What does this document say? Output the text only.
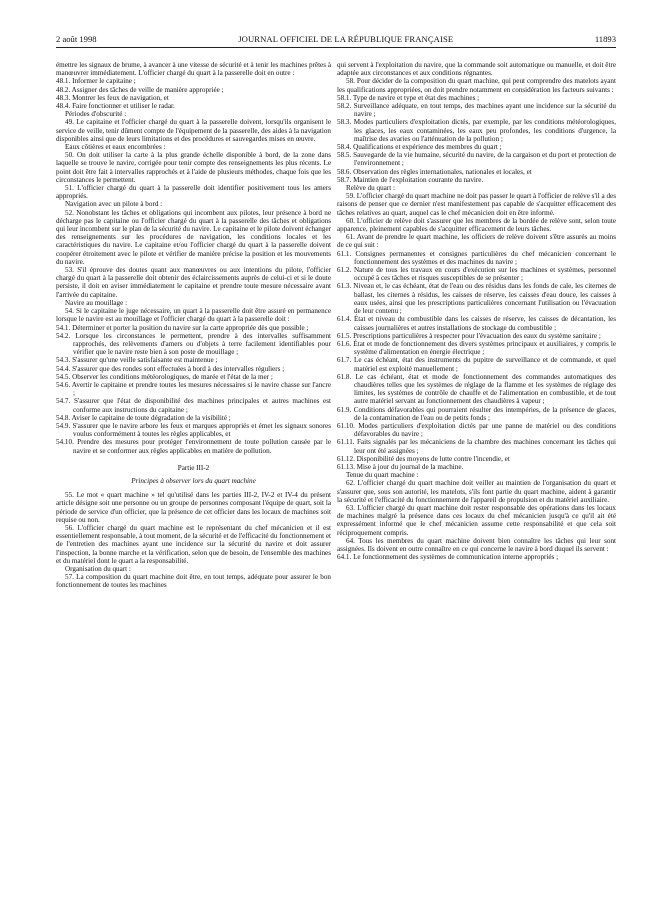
2 août 1998	JOURNAL OFFICIEL DE LA RÉPUBLIQUE FRANÇAISE	11893

émettre les signaux de brume, à avancer à une vitesse de sécurité et à tenir les machines prêtes à manœuvrer immédiatement. L'officier chargé du quart à la passerelle doit en outre :

48.1. Informer le capitaine ;

48.2. Assigner des tâches de veille de manière appropriée ;

48.3. Montrer les feux de navigation, et

48.4. Faire fonctionner et utiliser le radar.

Périodes d'obscurité :

49. Le capitaine et l'officier chargé du quart à la passerelle doivent, lorsqu'ils organisent le service de veille, tenir dûment compte de l'équipement de la passerelle, des aides à la navigation disponibles ainsi que de leurs limitations et des procédures et sauvegardes mises en œuvre.

Eaux côtières et eaux encombrées :

50. On doit utiliser la carte à la plus grande échelle disponible à bord, de la zone dans laquelle se trouve le navire, corrigée pour tenir compte des renseignements les plus récents. Le point doit être fait à intervalles rapprochés et à l'aide de plusieurs méthodes, chaque fois que les circonstances le permettent.

51. L'officier chargé du quart à la passerelle doit identifier positivement tous les amers appropriés.

Navigation avec un pilote à bord :

52. Nonobstant les tâches et obligations qui incombent aux pilotes, leur présence à bord ne décharge pas le capitaine ou l'officier chargé du quart à la passerelle des tâches et obligations qui leur incombent sur le plan de la sécurité du navire. Le capitaine et le pilote doivent échanger des renseignements sur les procédures de navigation, les conditions locales et les caractéristiques du navire. Le capitaine et/ou l'officier chargé du quart à la passerelle doivent coopérer étroitement avec le pilote et vérifier de manière précise la position et les mouvements du navire.

53. S'il éprouve des doutes quant aux manœuvres ou aux intentions du pilote, l'officier chargé du quart à la passerelle doit obtenir des éclaircissements auprès de celui-ci et si le doute persiste, il doit en aviser immédiatement le capitaine et prendre toute mesure nécessaire avant l'arrivée du capitaine.

Navire au mouillage :

54. Si le capitaine le juge nécessaire, un quart à la passerelle doit être assuré en permanence lorsque le navire est au mouillage et l'officier chargé du quart à la passerelle doit :

54.1. Déterminer et porter la position du navire sur la carte appropriée dès que possible ;

54.2. Lorsque les circonstances le permettent, prendre à des intervalles suffisamment rapprochés, des relèvements d'amers ou d'objets à terre facilement identifiables pour vérifier que le navire reste bien à son poste de mouillage ;

54.3. S'assurer qu'une veille satisfaisante est maintenue ;

54.4. S'assurer que des rondes sont effectuées à bord à des intervalles réguliers ;

54.5. Observer les conditions météorologiques, de marée et l'état de la mer ;

54.6. Avertir le capitaine et prendre toutes les mesures nécessaires si le navire chasse sur l'ancre ;

54.7. S'assurer que l'état de disponibilité des machines principales et autres machines est conforme aux instructions du capitaine ;

54.8. Aviser le capitaine de toute dégradation de la visibilité ;

54.9. S'assurer que le navire arbore les feux et marques appropriés et émet les signaux sonores voulus conformément à toutes les règles applicables, et

54.10. Prendre des mesures pour protéger l'environnement de toute pollution causée par le navire et se conformer aux règles applicables en matière de pollution.

Partie III-2

Principes à observer lors du quart machine

55. Le mot « quart machine » tel qu'utilisé dans les parties III-2, IV-2 et IV-4 du présent article désigne soit une personne ou un groupe de personnes composant l'équipe de quart, soit la période de service d'un officier, que la présence de cet officier dans les locaux de machines soit requise ou non.

56. L'officier chargé du quart machine est le représentant du chef mécanicien et il est essentiellement responsable, à tout moment, de la sécurité et de l'efficacité du fonctionnement et de l'entretien des machines ayant une incidence sur la sécurité du navire et doit assurer l'inspection, la bonne marche et la vérification, selon que de besoin, de l'ensemble des machines et du matériel dont le quart a la responsabilité.

Organisation du quart :

57. La composition du quart machine doit être, en tout temps, adéquate pour assurer le bon fonctionnement de toutes les machines

qui servent à l'exploitation du navire, que la commande soit automatique ou manuelle, et doit être adaptée aux circonstances et aux conditions régnantes.

58. Pour décider de la composition du quart machine, qui peut comprendre des matelots ayant les qualifications appropriées, on doit prendre notamment en considération les facteurs suivants :

58.1. Type de navire et type et état des machines ;

58.2. Surveillance adéquate, en tout temps, des machines ayant une incidence sur la sécurité du navire ;

58.3. Modes particuliers d'exploitation dictés, par exemple, par les conditions météorologiques, les glaces, les eaux contaminées, les eaux peu profondes, les conditions d'urgence, la maîtrise des avaries ou l'atténuation de la pollution ;

58.4. Qualifications et expérience des membres du quart ;

58.5. Sauvegarde de la vie humaine, sécurité du navire, de la cargaison et du port et protection de l'environnement ;

58.6. Observation des règles internationales, nationales et locales, et

58.7. Maintien de l'exploitation courante du navire.

Relève du quart :

59. L'officier chargé du quart machine ne doit pas passer le quart à l'officier de relève s'il a des raisons de penser que ce dernier n'est manifestement pas capable de s'acquitter efficacement des tâches relatives au quart, auquel cas le chef mécanicien doit en être informé.

60. L'officier de relève doit s'assurer que les membres de la bordée de relève sont, selon toute apparence, pleinement capables de s'acquitter efficacement de leurs tâches.

61. Avant de prendre le quart machine, les officiers de relève doivent s'être assurés au moins de ce qui suit :

61.1. Consignes permanentes et consignes particulières du chef mécanicien concernant le fonctionnement des systèmes et des machines du navire ;

61.2. Nature de tous les travaux en cours d'exécution sur les machines et systèmes, personnel occupé à ces tâches et risques susceptibles de se présenter ;

61.3. Niveau et, le cas échéant, état de l'eau ou des résidus dans les fonds de cale, les citernes de ballast, les citernes à résidus, les caisses de réserve, les caisses d'eau douce, les caisses à eaux usées, ainsi que les prescriptions particulières concernant l'utilisation ou l'évacuation de leur contenu ;

61.4. État et niveau du combustible dans les caisses de réserve, les caisses de décantation, les caisses journalières et autres installations de stockage du combustible ;

61.5. Prescriptions particulières à respecter pour l'évacuation des eaux du système sanitaire ;

61.6. État et mode de fonctionnement des divers systèmes principaux et auxiliaires, y compris le système d'alimentation en énergie électrique ;

61.7. Le cas échéant, état des instruments du pupitre de surveillance et de commande, et quel matériel est exploité manuellement ;

61.8. Le cas échéant, état et mode de fonctionnement des commandes automatiques des chaudières telles que les systèmes de réglage de la flamme et les systèmes de réglage des limites, les systèmes de contrôle de chauffe et de l'alimentation en combustible, et de tout autre matériel servant au fonctionnement des chaudières à vapeur ;

61.9. Conditions défavorables qui pourraient résulter des intempéries, de la présence de glaces, de la contamination de l'eau ou de petits fonds ;

61.10. Modes particuliers d'exploitation dictés par une panne de matériel ou des conditions défavorables du navire ;

61.11. Faits signalés par les mécaniciens de la chambre des machines concernant les tâches qui leur ont été assignées ;

61.12. Disponibilité des moyens de lutte contre l'incendie, et

61.13. Mise à jour du journal de la machine.

Tenue du quart machine :

62. L'officier chargé du quart machine doit veiller au maintien de l'organisation du quart et s'assurer que, sous son autorité, les matelots, s'ils font partie du quart machine, aident à garantir la sécurité et l'efficacité du fonctionnement de l'appareil de propulsion et du matériel auxiliaire.

63. L'officier chargé du quart machine doit rester responsable des opérations dans les locaux de machines malgré la présence dans ces locaux du chef mécanicien jusqu'à ce qu'il ait été expressément informé que le chef mécanicien assume cette responsabilité et que cela soit réciproquement compris.

64. Tous les membres du quart machine doivent bien connaître les tâches qui leur sont assignées. Ils doivent en outre connaître en ce qui concerne le navire à bord duquel ils servent :

64.1. Le fonctionnement des systèmes de communication interne appropriés ;
